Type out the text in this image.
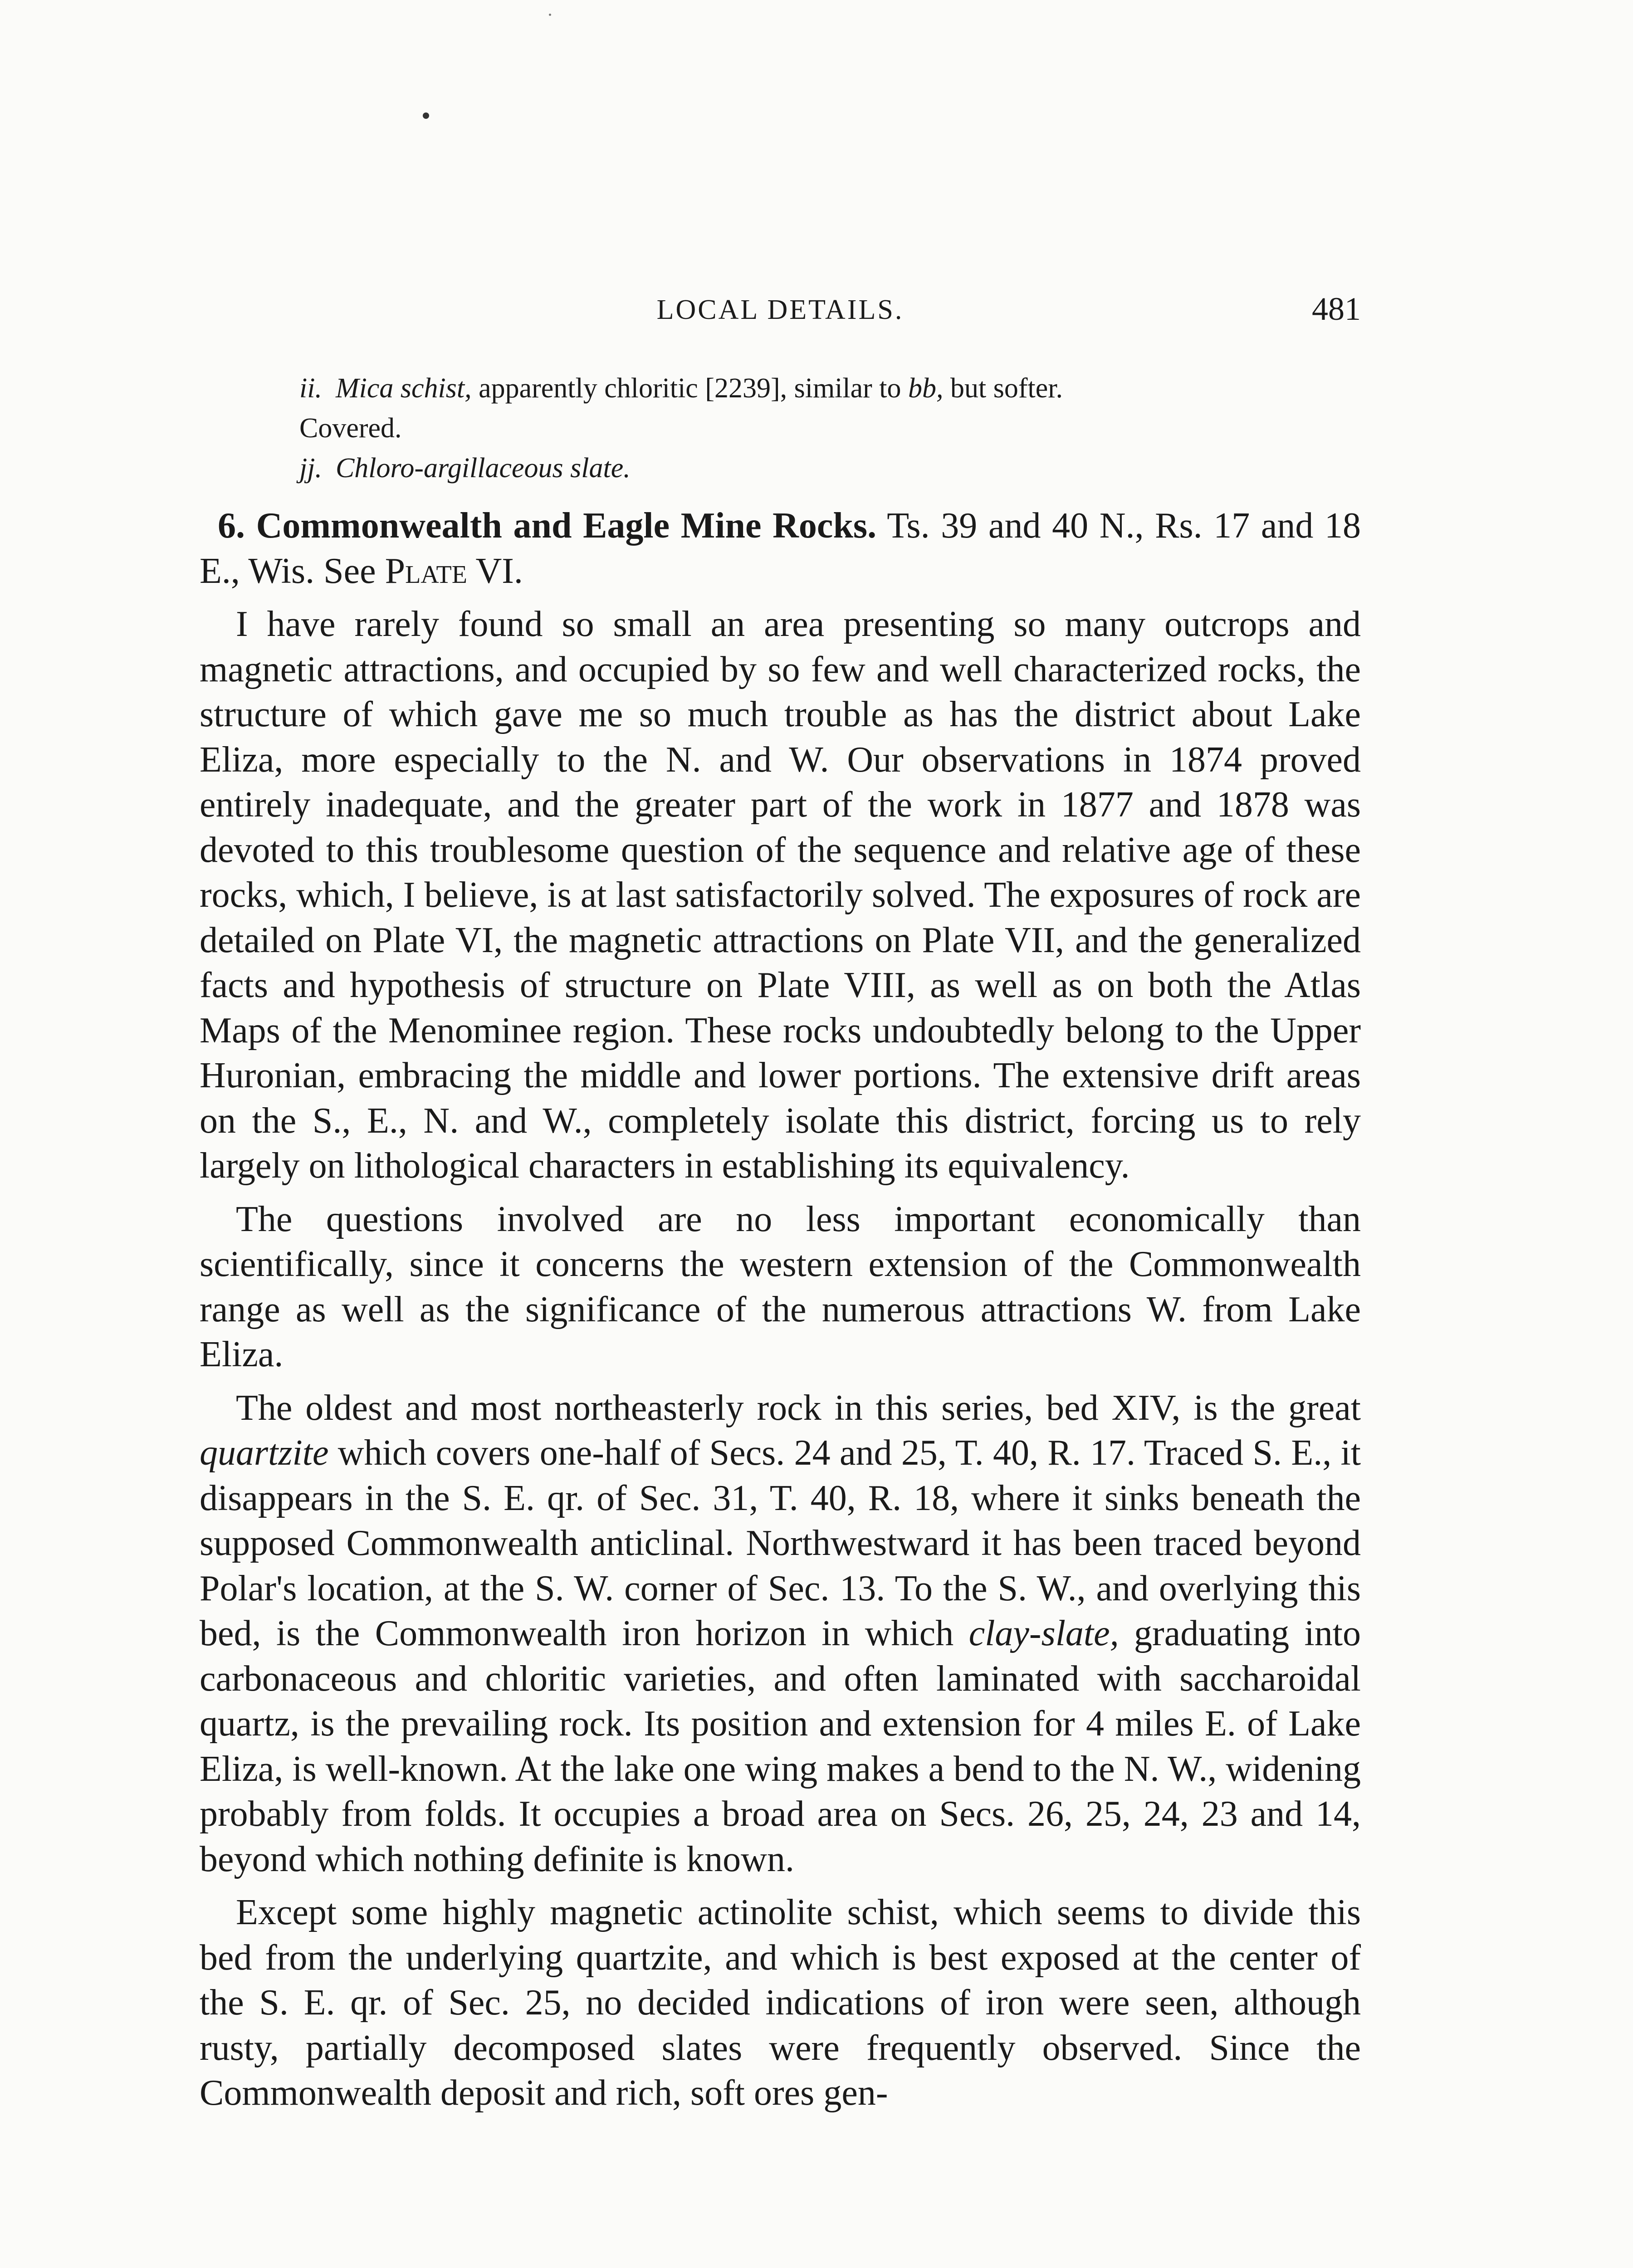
LOCAL DETAILS.	481
ii. Mica schist, apparently chloritic [2239], similar to bb, but softer.
Covered.
jj. Chloro-argillaceous slate.

6. Commonwealth and Eagle Mine Rocks. Ts. 39 and 40 N., Rs. 17 and 18 E., Wis. See Plate VI.

I have rarely found so small an area presenting so many outcrops and magnetic attractions, and occupied by so few and well characterized rocks, the structure of which gave me so much trouble as has the district about Lake Eliza, more especially to the N. and W. Our observations in 1874 proved entirely inadequate, and the greater part of the work in 1877 and 1878 was devoted to this troublesome question of the sequence and relative age of these rocks, which, I believe, is at last satisfactorily solved. The exposures of rock are detailed on Plate VI, the magnetic attractions on Plate VII, and the generalized facts and hypothesis of structure on Plate VIII, as well as on both the Atlas Maps of the Menominee region. These rocks undoubtedly belong to the Upper Huronian, embracing the middle and lower portions. The extensive drift areas on the S., E., N. and W., completely isolate this district, forcing us to rely largely on lithological characters in establishing its equivalency.

The questions involved are no less important economically than scientifically, since it concerns the western extension of the Commonwealth range as well as the significance of the numerous attractions W. from Lake Eliza.

The oldest and most northeasterly rock in this series, bed XIV, is the great quartzite which covers one-half of Secs. 24 and 25, T. 40, R. 17. Traced S. E., it disappears in the S. E. qr. of Sec. 31, T. 40, R. 18, where it sinks beneath the supposed Commonwealth anticlinal. Northwestward it has been traced beyond Polar's location, at the S. W. corner of Sec. 13. To the S. W., and overlying this bed, is the Commonwealth iron horizon in which clay-slate, graduating into carbonaceous and chloritic varieties, and often laminated with saccharoidal quartz, is the prevailing rock. Its position and extension for 4 miles E. of Lake Eliza, is well-known. At the lake one wing makes a bend to the N. W., widening probably from folds. It occupies a broad area on Secs. 26, 25, 24, 23 and 14, beyond which nothing definite is known.

Except some highly magnetic actinolite schist, which seems to divide this bed from the underlying quartzite, and which is best exposed at the center of the S. E. qr. of Sec. 25, no decided indications of iron were seen, although rusty, partially decomposed slates were frequently observed. Since the Commonwealth deposit and rich, soft ores gen-
